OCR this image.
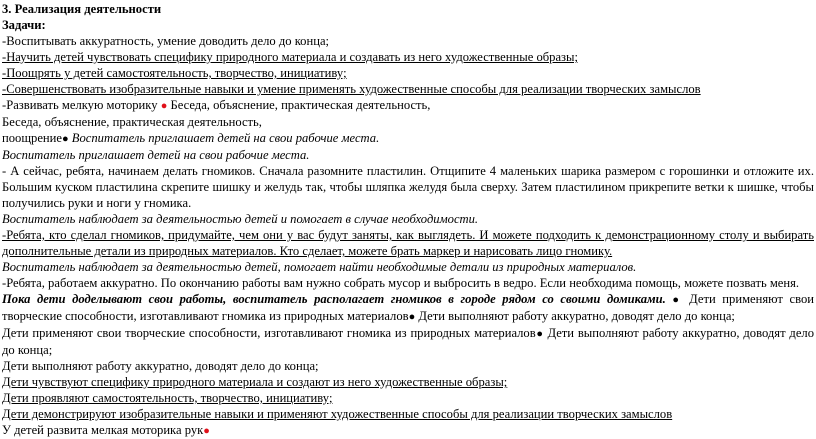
3. Реализация деятельности
Задачи:
-Воспитывать аккуратность, умение доводить дело до конца;
-Научить детей чувствовать специфику природного материала и создавать из него художественные образы;
-Поощрять у детей самостоятельность, творчество, инициативу;
-Совершенствовать изобразительные навыки и умение применять художественные способы для реализации творческих замыслов
-Развивать мелкую моторику ● Беседа, объяснение, практическая деятельность,
Беседа, объяснение, практическая деятельность,
поощрение● Воспитатель приглашает детей на свои рабочие места.
Воспитатель приглашает детей на свои рабочие места.
- А сейчас, ребята, начинаем делать гномиков. Сначала разомните пластилин. Отщипите 4 маленьких шарика размером с горошинки и отложите их. Большим куском пластилина скрепите шишку и желудь так, чтобы шляпка желудя была сверху. Затем пластилином прикрепите ветки к шишке, чтобы получились руки и ноги у гномика.
Воспитатель наблюдает за деятельностью детей и помогает в случае необходимости.
-Ребята, кто сделал гномиков, придумайте, чем они у вас будут заняты, как выглядеть. И можете подходить к демонстрационному столу и выбирать дополнительные детали из природных материалов. Кто сделает, можете брать маркер и нарисовать лицо гномику.
Воспитатель наблюдает за деятельностью детей, помогает найти необходимые детали из природных материалов.
-Ребята, работаем аккуратно. По окончанию работы вам нужно собрать мусор и выбросить в ведро. Если необходима помощь, можете позвать меня.
Пока дети доделывают свои работы, воспитатель располагает гномиков в городе рядом со своими домиками. ● Дети применяют свои творческие способности, изготавливают гномика из природных материалов● Дети выполняют работу аккуратно, доводят дело до конца;
Дети применяют свои творческие способности, изготавливают гномика из природных материалов● Дети выполняют работу аккуратно, доводят дело до конца;
Дети выполняют работу аккуратно, доводят дело до конца;
Дети чувствуют специфику природного материала и создают из него художественные образы;
Дети проявляют самостоятельность, творчество, инициативу;
Дети демонстрируют изобразительные навыки и применяют художественные способы для реализации творческих замыслов
У детей развита мелкая моторика рук●
